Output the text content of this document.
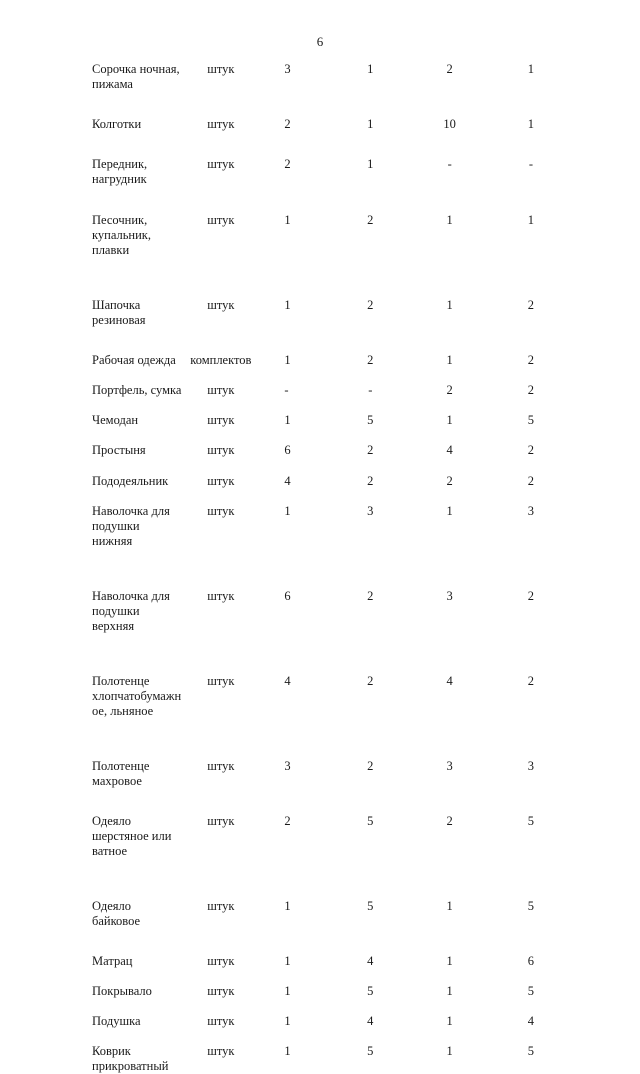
6
Сорочка ночная,
пижама
штук	3	1	2	1
Колготки	штук	2	1	10	1
Передник,
нагрудник
штук	2	1	-	-
Песочник,
купальник,
плавки
штук	1	2	1	1
Шапочка
резиновая
штук	1	2	1	2
Рабочая одежда	комплектов	1	2	1	2
Портфель, сумка	штук	-	-	2	2
Чемодан	штук	1	5	1	5
Простыня	штук	6	2	4	2
Пододеяльник	штук	4	2	2	2
Наволочка для
подушки
нижняя
штук	1	3	1	3
Наволочка для
подушки
верхняя
штук	6	2	3	2
Полотенце
хлопчатобумажн
ое, льняное
штук	4	2	4	2
Полотенце
махровое
штук	3	2	3	3
Одеяло
шерстяное или
ватное
штук	2	5	2	5
Одеяло
байковое
штук	1	5	1	5
Матрац	штук	1	4	1	6
Покрывало	штук	1	5	1	5
Подушка	штук	1	4	1	4
Коврик
прикроватный
штук	1	5	1	5
